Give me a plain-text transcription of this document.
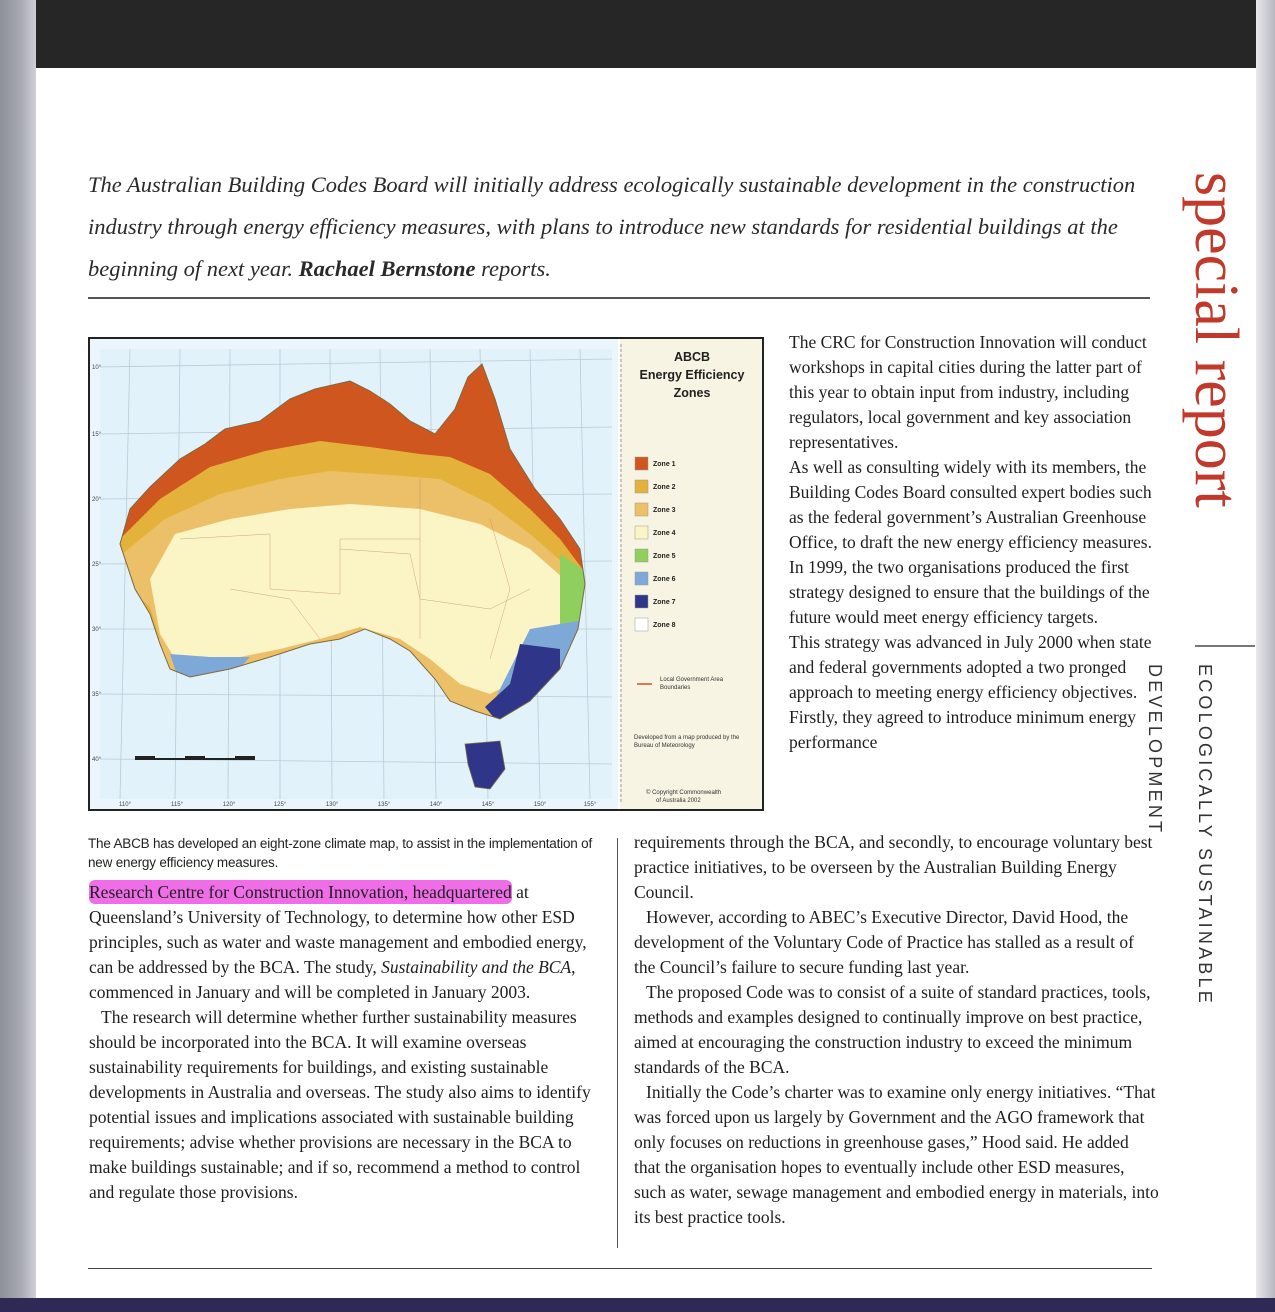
The Australian Building Codes Board will initially address ecologically sustainable development in the construction industry through energy efficiency measures, with plans to introduce new standards for residential buildings at the beginning of next year. Rachael Bernstone reports.	special report
ECOLOGICALLY SUSTAINABLE DEVELOPMENT
10°
15°
20°
25°
30°
35°
40°
110°	115°	120°	125°	130°	135°	140°	145°	150°	155°
ABCB
Energy Efficiency
Zones
Zone 1
Zone 2
Zone 3
Zone 4
Zone 5
Zone 6
Zone 7
Zone 8
Local Government Area
Boundaries
Developed from a map produced by the
Bureau of Meteorology
© Copyright Commonwealth
of Australia 2002
The ABCB has developed an eight-zone climate map, to assist in the implementation of new energy efficiency measures.

The CRC for Construction Innovation will conduct workshops in capital cities during the latter part of this year to obtain input from industry, including regulators, local government and key association representatives.

As well as consulting widely with its members, the Building Codes Board consulted expert bodies such as the federal government’s Australian Greenhouse Office, to draft the new energy efficiency measures. In 1999, the two organisations produced the first strategy designed to ensure that the buildings of the future would meet energy efficiency targets.

This strategy was advanced in July 2000 when state and federal governments adopted a two pronged approach to meeting energy efficiency objectives. Firstly, they agreed to introduce minimum energy performance

requirements through the BCA, and secondly, to encourage voluntary best practice initiatives, to be overseen by the Australian Building Energy Council.

However, according to ABEC’s Executive Director, David Hood, the development of the Voluntary Code of Practice has stalled as a result of the Council’s failure to secure funding last year.

The proposed Code was to consist of a suite of standard practices, tools, methods and examples designed to continually improve on best practice, aimed at encouraging the construction industry to exceed the minimum standards of the BCA.

Initially the Code’s charter was to examine only energy initiatives. “That was forced upon us largely by Government and the AGO framework that only focuses on reductions in greenhouse gases,” Hood said. He added that the organisation hopes to eventually include other ESD measures, such as water, sewage management and embodied energy in materials, into its best practice tools.

Research Centre for Construction Innovation, headquartered at Queensland’s University of Technology, to determine how other ESD principles, such as water and waste management and embodied energy, can be addressed by the BCA. The study, Sustainability and the BCA, commenced in January and will be completed in January 2003.

The research will determine whether further sustainability measures should be incorporated into the BCA. It will examine overseas sustainability requirements for buildings, and existing sustainable developments in Australia and overseas. The study also aims to identify potential issues and implications associated with sustainable building requirements; advise whether provisions are necessary in the BCA to make buildings sustainable; and if so, recommend a method to control and regulate those provisions.
